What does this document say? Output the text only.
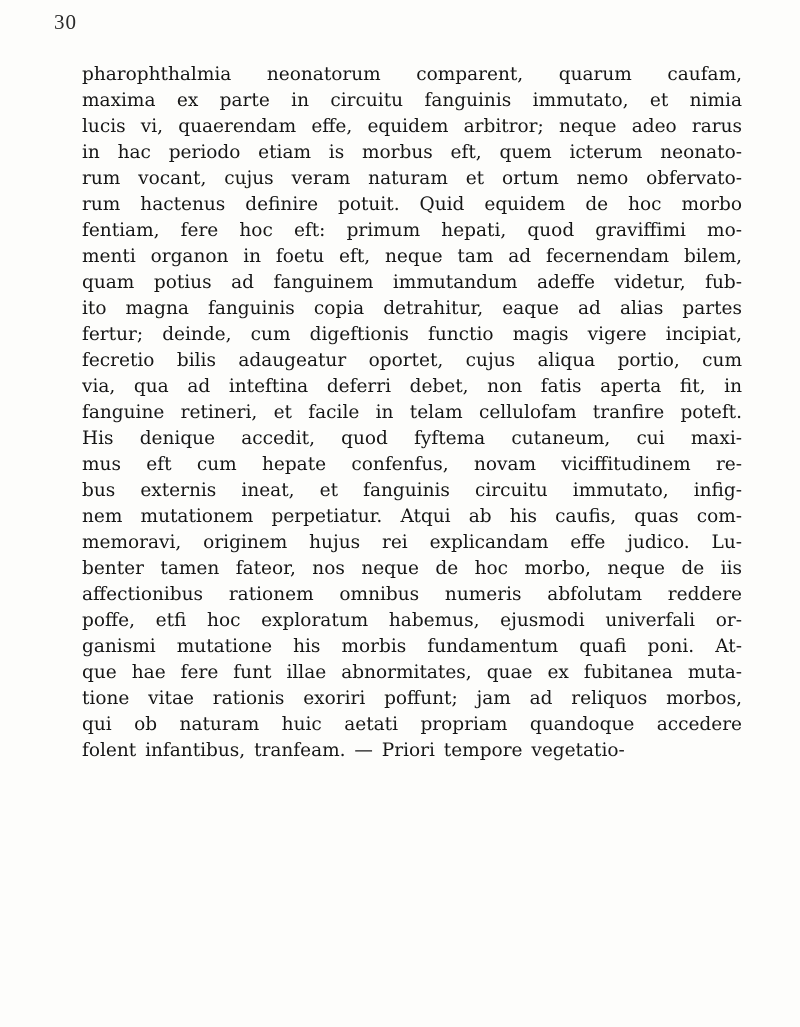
30
pharophthalmia neonatorum comparent, quarum caufam,
maxima ex parte in circuitu fanguinis immutato, et nimia
lucis vi, quaerendam effe, equidem arbitror; neque adeo rarus
in hac periodo etiam is morbus eft, quem icterum neonato-
rum vocant, cujus veram naturam et ortum nemo obfervato-
rum hactenus definire potuit. Quid equidem de hoc morbo
fentiam, fere hoc eft: primum hepati, quod graviffimi mo-
menti organon in foetu eft, neque tam ad fecernendam bilem,
quam potius ad fanguinem immutandum adeffe videtur, fub-
ito magna fanguinis copia detrahitur, eaque ad alias partes
fertur; deinde, cum digeftionis functio magis vigere incipiat,
fecretio bilis adaugeatur oportet, cujus aliqua portio, cum
via, qua ad inteftina deferri debet, non fatis aperta fit, in
fanguine retineri, et facile in telam cellulofam tranfire poteft.
His denique accedit, quod fyftema cutaneum, cui maxi-
mus eft cum hepate confenfus, novam viciffitudinem re-
bus externis ineat, et fanguinis circuitu immutato, infig-
nem mutationem perpetiatur. Atqui ab his caufis, quas com-
memoravi, originem hujus rei explicandam effe judico. Lu-
benter tamen fateor, nos neque de hoc morbo, neque de iis
affectionibus rationem omnibus numeris abfolutam reddere
poffe, etfi hoc exploratum habemus, ejusmodi univerfali or-
ganismi mutatione his morbis fundamentum quafi poni. At-
que hae fere funt illae abnormitates, quae ex fubitanea muta-
tione vitae rationis exoriri poffunt; jam ad reliquos morbos,
qui ob naturam huic aetati propriam quandoque accedere
folent infantibus, tranfeam. — Priori tempore vegetatio-
